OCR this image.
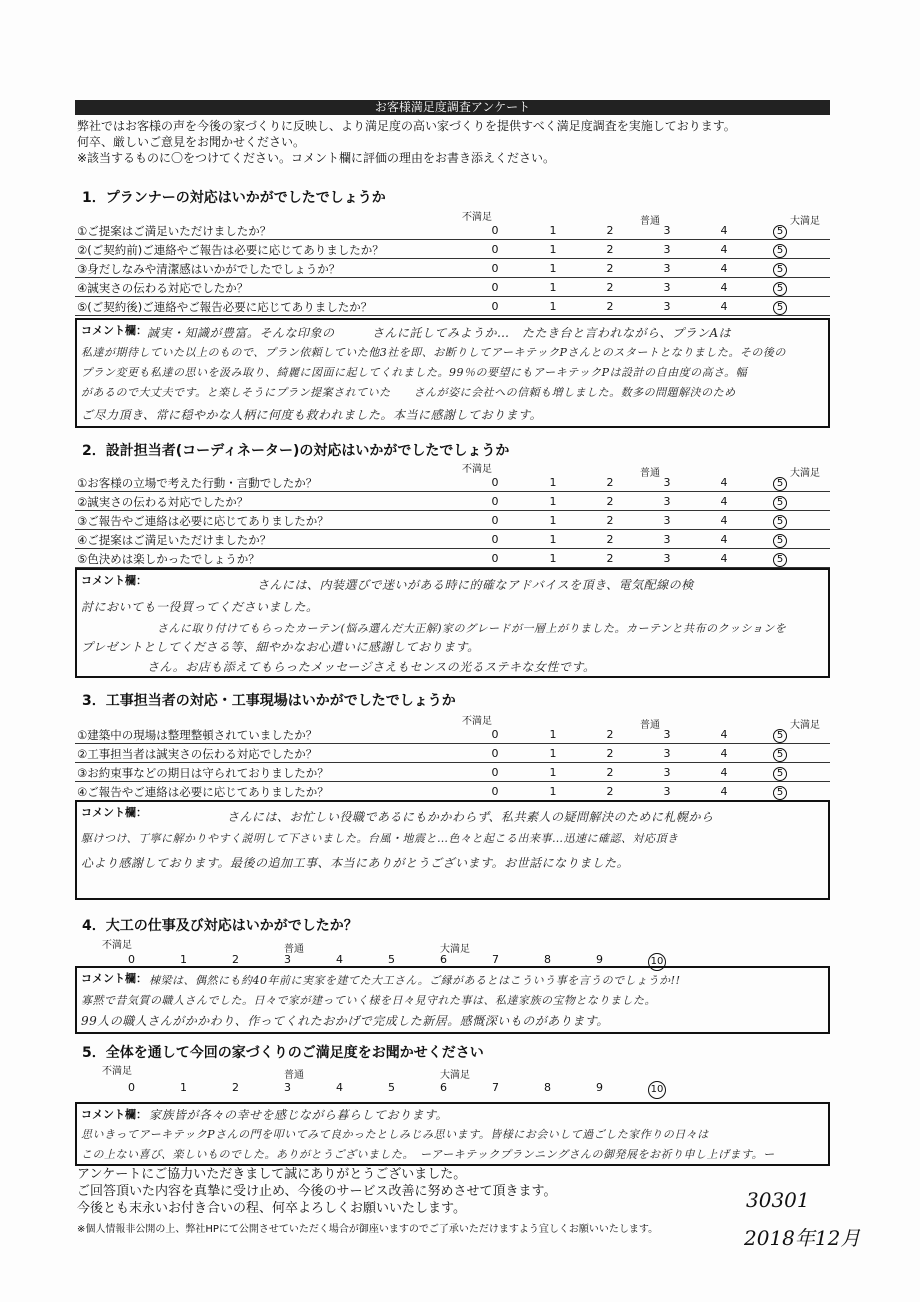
お客様満足度調査アンケート
弊社ではお客様の声を今後の家づくりに反映し、より満足度の高い家づくりを提供すべく満足度調査を実施しております。
何卒、厳しいご意見をお聞かせください。
※該当するものに〇をつけてください。コメント欄に評価の理由をお書き添えください。
1．プランナーの対応はいかがでしたでしょうか
不満足	普通	大満足
①ご提案はご満足いただけましたか？	0	1	2	3	4	5
②(ご契約前)ご連絡やご報告は必要に応じてありましたか？	0	1	2	3	4	5
③身だしなみや清潔感はいかがでしたでしょうか？	0	1	2	3	4	5
④誠実さの伝わる対応でしたか？	0	1	2	3	4	5
⑤(ご契約後)ご連絡やご報告必要に応じてありましたか？	0	1	2	3	4	5
コメント欄： 誠実・知識が豊富。そんな印象の　　　さんに託してみようか…　たたき台と言われながら、プランAは
私達が期待していた以上のもので、プラン依頼していた他3社を即、お断りしてアーキテックPさんとのスタートとなりました。その後の
プラン変更も私達の思いを汲み取り、綺麗に図面に起してくれました。99％の要望にもアーキテックPは設計の自由度の高さ。幅
があるので大丈夫です。と楽しそうにプラン提案されていた　　さんが姿に会社への信頼も増しました。数多の問題解決のため
ご尽力頂き、常に穏やかな人柄に何度も救われました。本当に感謝しております。
2．設計担当者(コーディネーター)の対応はいかがでしたでしょうか
不満足	普通	大満足
①お客様の立場で考えた行動・言動でしたか？	0	1	2	3	4	5
②誠実さの伝わる対応でしたか？	0	1	2	3	4	5
③ご報告やご連絡は必要に応じてありましたか？	0	1	2	3	4	5
④ご提案はご満足いただけましたか？	0	1	2	3	4	5
⑤色決めは楽しかったでしょうか？	0	1	2	3	4	5
コメント欄：	さんには、内装選びで迷いがある時に的確なアドバイスを頂き、電気配線の検
討においても一役買ってくださいました。
さんに取り付けてもらったカーテン(悩み選んだ大正解)家のグレードが一層上がりました。カーテンと共布のクッションを
プレゼントとしてくださる等、細やかなお心遣いに感謝しております。
さん。お店も添えてもらったメッセージさえもセンスの光るステキな女性です。
3．工事担当者の対応・工事現場はいかがでしたでしょうか
不満足	普通	大満足
①建築中の現場は整理整頓されていましたか？	0	1	2	3	4	5
②工事担当者は誠実さの伝わる対応でしたか？	0	1	2	3	4	5
③お約束事などの期日は守られておりましたか？	0	1	2	3	4	5
④ご報告やご連絡は必要に応じてありましたか？	0	1	2	3	4	5
コメント欄：	さんには、お忙しい役職であるにもかかわらず、私共素人の疑問解決のために札幌から
駆けつけ、丁寧に解かりやすく説明して下さいました。台風・地震と…色々と起こる出来事…迅速に確認、対応頂き
心より感謝しております。最後の追加工事、本当にありがとうございます。お世話になりました。
4．大工の仕事及び対応はいかがでしたか？
不満足	普通	大満足
0	1	2	3	4	5	6	7	8	9	10
コメント欄： 棟梁は、偶然にも約40年前に実家を建てた大工さん。ご縁があるとはこういう事を言うのでしょうか!!
寡黙で昔気質の職人さんでした。日々で家が建っていく様を日々見守れた事は、私達家族の宝物となりました。
99人の職人さんがかかわり、作ってくれたおかげで完成した新居。感慨深いものがあります。
5．全体を通して今回の家づくりのご満足度をお聞かせください
不満足	普通	大満足
0	1	2	3	4	5	6	7	8	9	10
コメント欄： 家族皆が各々の幸せを感じながら暮らしております。
思いきってアーキテックPさんの門を叩いてみて良かったとしみじみ思います。皆様にお会いして過ごした家作りの日々は
この上ない喜び、楽しいものでした。ありがとうございました。　ーアーキテックプランニングさんの御発展をお祈り申し上げます。ー
アンケートにご協力いただきまして誠にありがとうございました。
ご回答頂いた内容を真摯に受け止め、今後のサービス改善に努めさせて頂きます。
今後とも末永いお付き合いの程、何卒よろしくお願いいたします。
※個人情報非公開の上、弊社HPにて公開させていただく場合が御座いますのでご了承いただけますよう宜しくお願いいたします。
30301
2018年12月
